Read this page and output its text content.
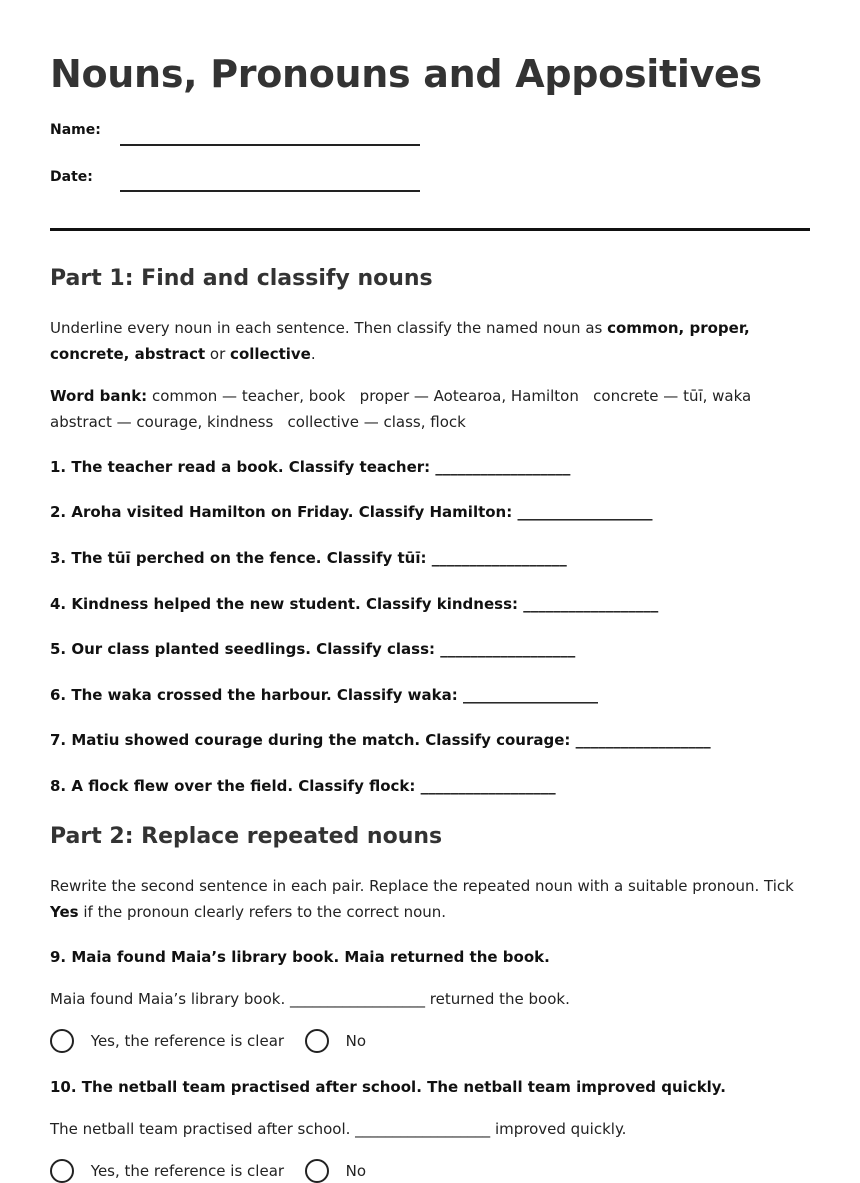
Nouns, Pronouns and Appositives
Name:
Date:
Part 1: Find and classify nouns

Underline every noun in each sentence. Then classify the named noun as common, proper, concrete, abstract or collective.

Word bank: common — teacher, book   proper — Aotearoa, Hamilton   concrete — tūī, waka   abstract — courage, kindness   collective — class, flock

1. The teacher read a book. Classify teacher: __________________

2. Aroha visited Hamilton on Friday. Classify Hamilton: __________________

3. The tūī perched on the fence. Classify tūī: __________________

4. Kindness helped the new student. Classify kindness: __________________

5. Our class planted seedlings. Classify class: __________________

6. The waka crossed the harbour. Classify waka: __________________

7. Matiu showed courage during the match. Classify courage: __________________

8. A flock flew over the field. Classify flock: __________________

Part 2: Replace repeated nouns

Rewrite the second sentence in each pair. Replace the repeated noun with a suitable pronoun. Tick Yes if the pronoun clearly refers to the correct noun.

9. Maia found Maia’s library book. Maia returned the book.

Maia found Maia’s library book. __________________ returned the book.

Yes, the reference is clear	No

10. The netball team practised after school. The netball team improved quickly.

The netball team practised after school. __________________ improved quickly.

Yes, the reference is clear	No
